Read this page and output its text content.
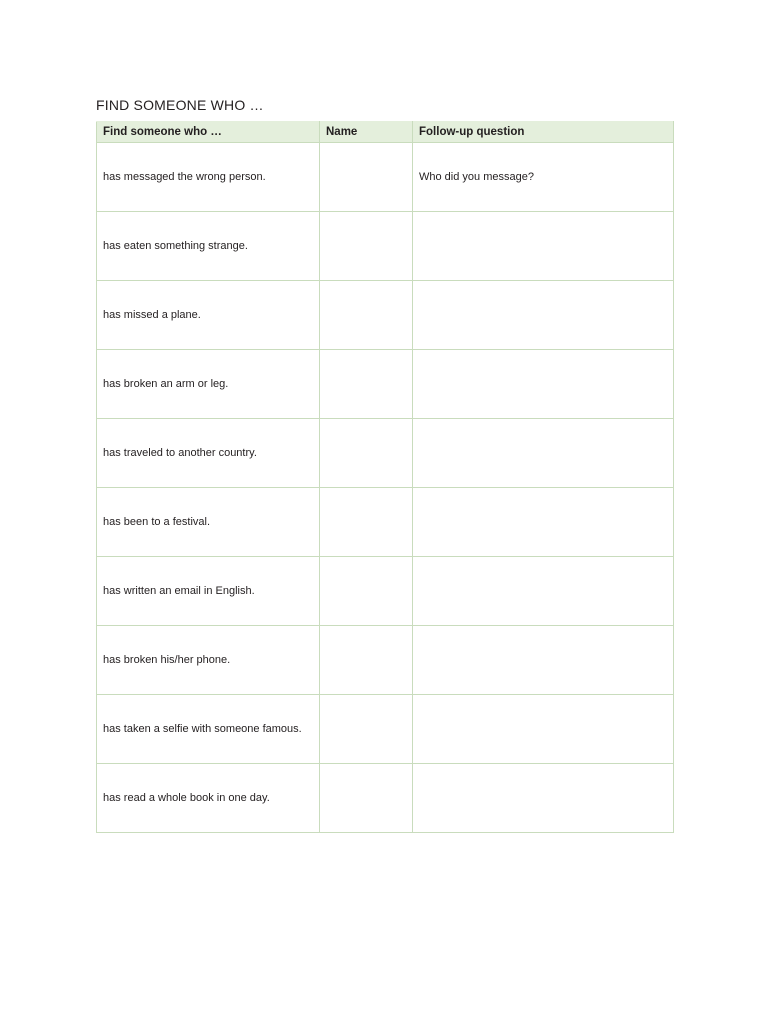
FIND SOMEONE WHO …
Find someone who …	Name	Follow-up question
has messaged the wrong person.		Who did you message?
has eaten something strange.		
has missed a plane.		
has broken an arm or leg.		
has traveled to another country.		
has been to a festival.		
has written an email in English.		
has broken his/her phone.		
has taken a selfie with someone famous.		
has read a whole book in one day.		
